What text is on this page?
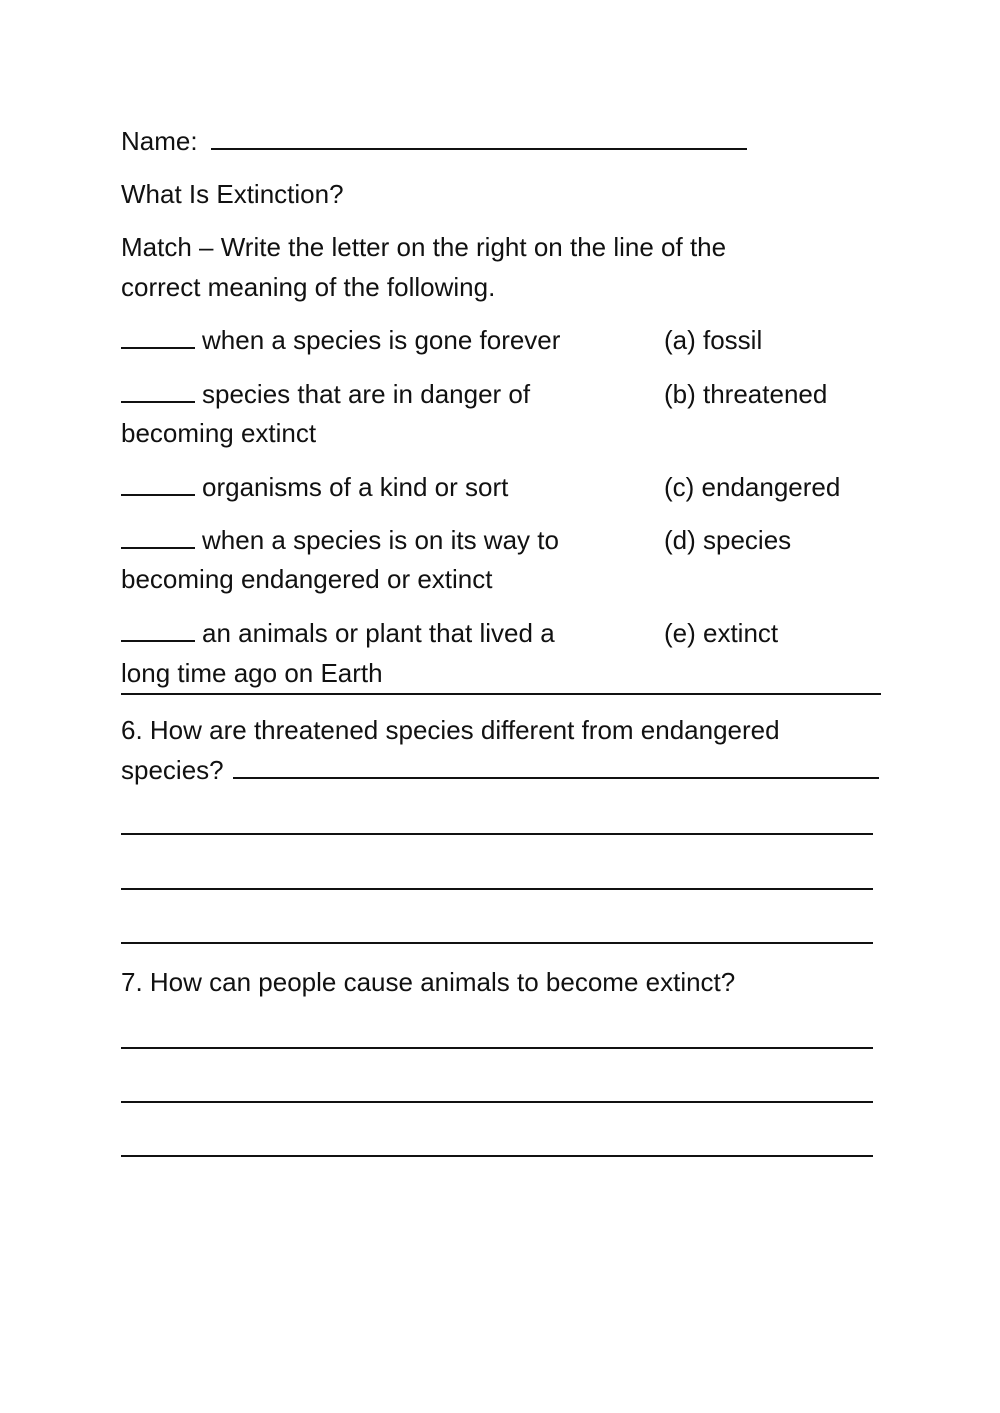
Name:
What Is Extinction?
Match – Write the letter on the right on the line of the
correct meaning of the following.
when a species is gone forever	(a) fossil
species that are in danger of
becoming extinct
(b) threatened
organisms of a kind or sort	(c) endangered
when a species is on its way to
becoming endangered or extinct
(d) species
an animals or plant that lived a
long time ago on Earth
(e) extinct
6. How are threatened species different from endangered
species?
7. How can people cause animals to become extinct?
